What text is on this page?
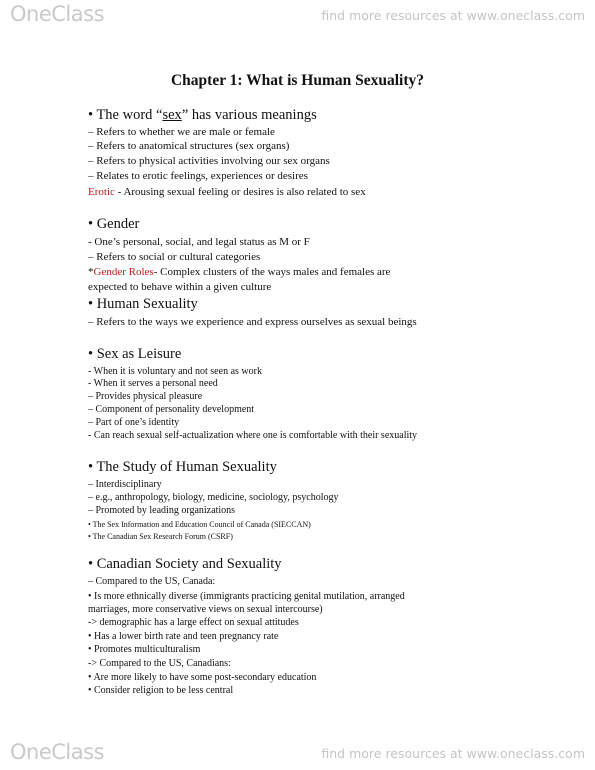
OneClass	find more resources at www.oneclass.com
Chapter 1: What is Human Sexuality?
• The word “sex” has various meanings
– Refers to whether we are male or female
– Refers to anatomical structures (sex organs)
– Refers to physical activities involving our sex organs
– Relates to erotic feelings, experiences or desires
Erotic - Arousing sexual feeling or desires is also related to sex
• Gender
- One’s personal, social, and legal status as M or F
– Refers to social or cultural categories
*Gender Roles- Complex clusters of the ways males and females are
expected to behave within a given culture
• Human Sexuality
– Refers to the ways we experience and express ourselves as sexual beings
• Sex as Leisure
- When it is voluntary and not seen as work
- When it serves a personal need
– Provides physical pleasure
– Component of personality development
– Part of one’s identity
- Can reach sexual self-actualization where one is comfortable with their sexuality
• The Study of Human Sexuality
– Interdisciplinary
– e.g., anthropology, biology, medicine, sociology, psychology
– Promoted by leading organizations
• The Sex Information and Education Council of Canada (SIECCAN)
• The Canadian Sex Research Forum (CSRF)
• Canadian Society and Sexuality
– Compared to the US, Canada:
• Is more ethnically diverse (immigrants practicing genital mutilation, arranged
marriages, more conservative views on sexual intercourse)
-> demographic has a large effect on sexual attitudes
• Has a lower birth rate and teen pregnancy rate
• Promotes multiculturalism
-> Compared to the US, Canadians:
• Are more likely to have some post-secondary education
• Consider religion to be less central
OneClass	find more resources at www.oneclass.com
